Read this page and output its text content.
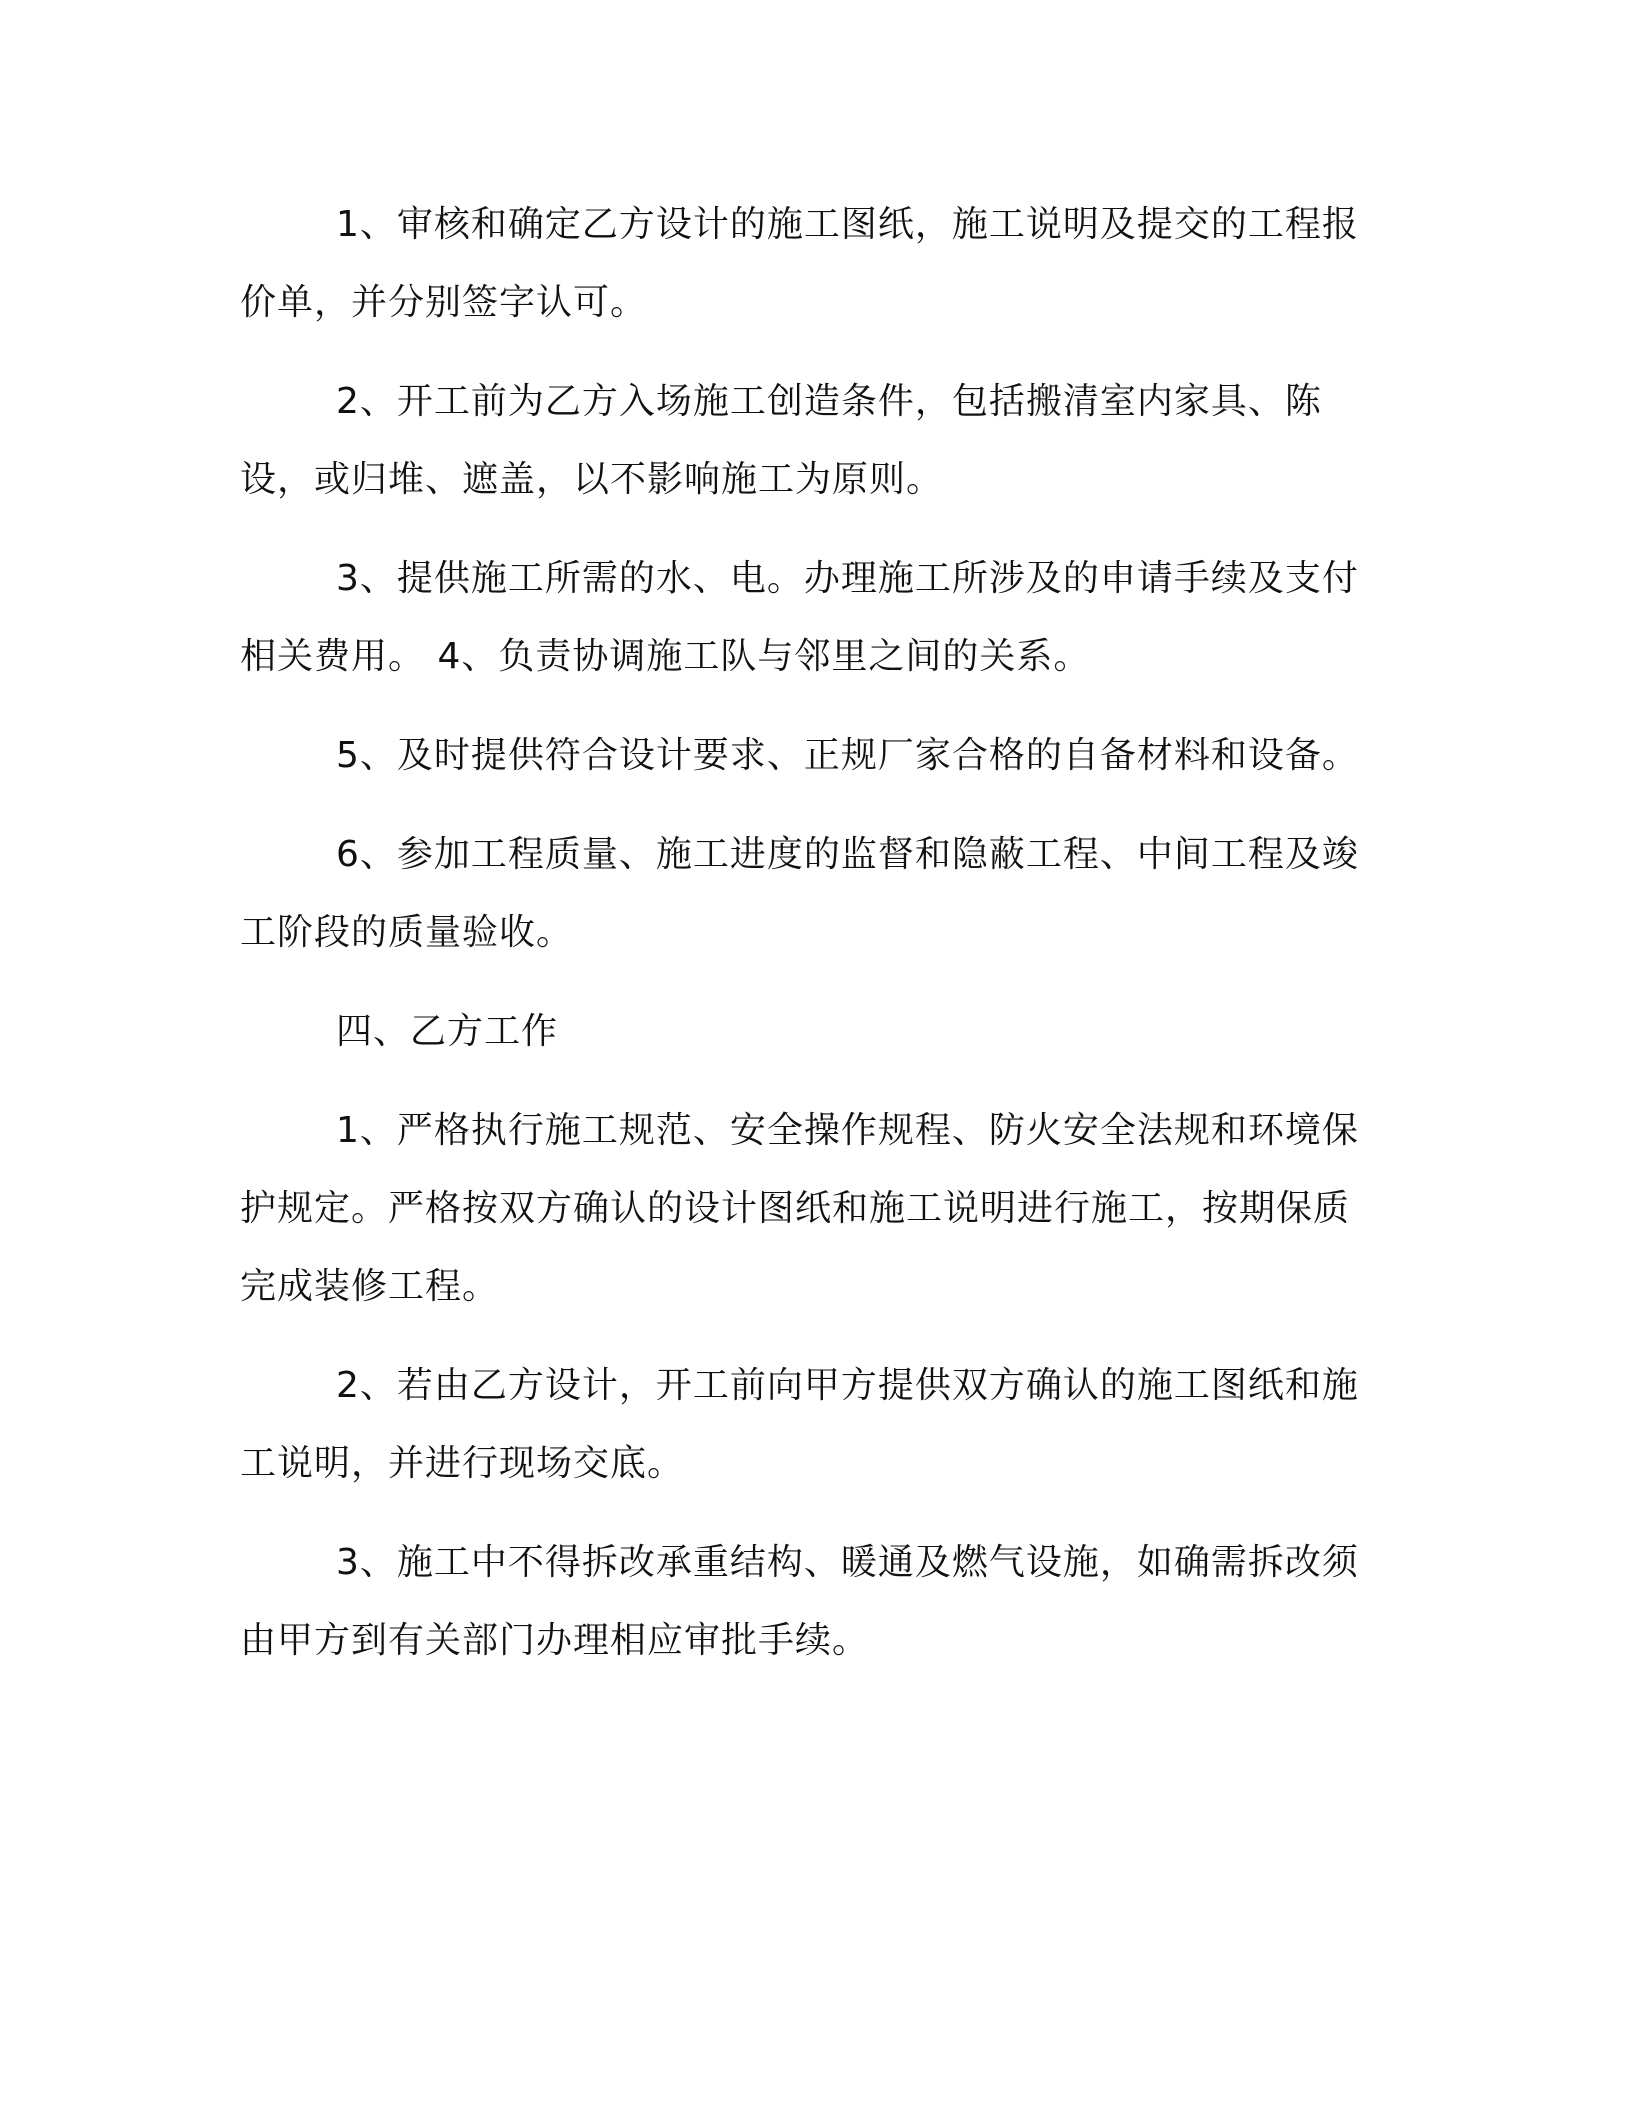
1、审核和确定乙方设计的施工图纸，施工说明及提交的工程报价单，并分别签字认可。

2、开工前为乙方入场施工创造条件，包括搬清室内家具、陈设，或归堆、遮盖，以不影响施工为原则。

3、提供施工所需的水、电。办理施工所涉及的申请手续及支付相关费用。 4、负责协调施工队与邻里之间的关系。

5、及时提供符合设计要求、正规厂家合格的自备材料和设备。

6、参加工程质量、施工进度的监督和隐蔽工程、中间工程及竣工阶段的质量验收。

四、乙方工作

1、严格执行施工规范、安全操作规程、防火安全法规和环境保护规定。严格按双方确认的设计图纸和施工说明进行施工，按期保质完成装修工程。

2、若由乙方设计，开工前向甲方提供双方确认的施工图纸和施工说明，并进行现场交底。

3、施工中不得拆改承重结构、暖通及燃气设施，如确需拆改须由甲方到有关部门办理相应审批手续。
